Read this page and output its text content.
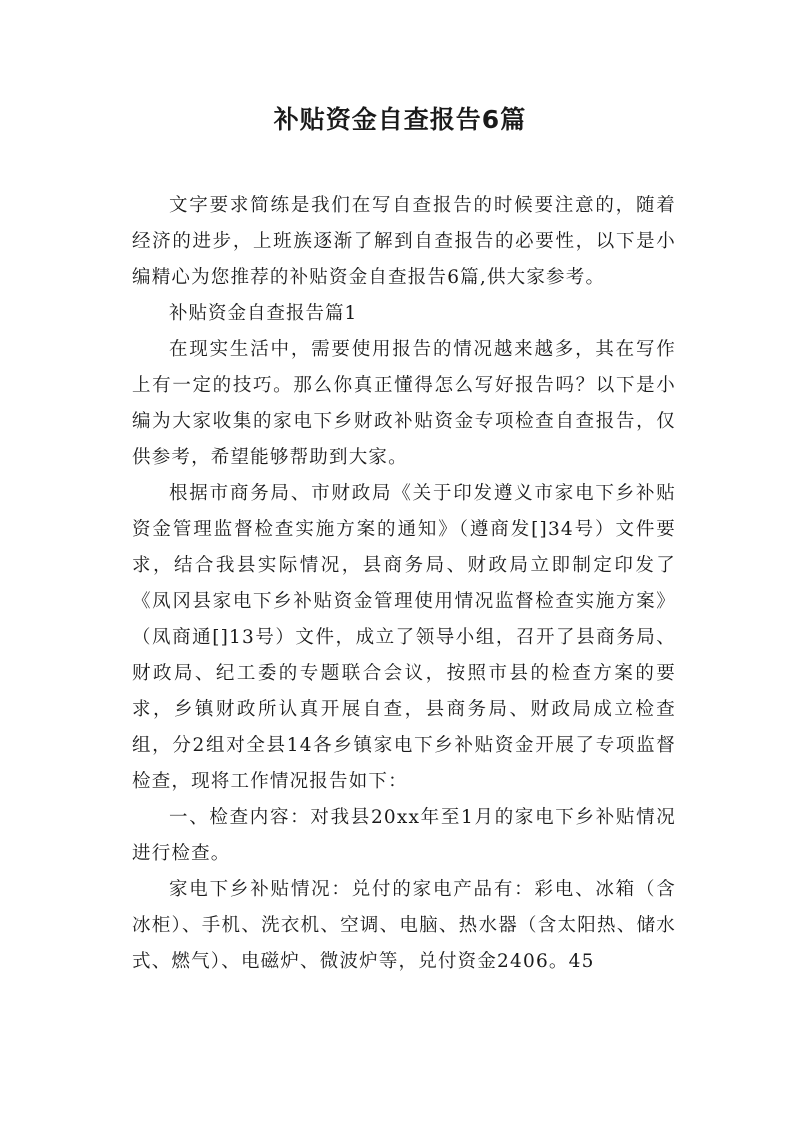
补贴资金自查报告6篇

文字要求简练是我们在写自查报告的时候要注意的，随着经济的进步，上班族逐渐了解到自查报告的必要性，以下是小编精心为您推荐的补贴资金自查报告6篇,供大家参考。

补贴资金自查报告篇1

在现实生活中，需要使用报告的情况越来越多，其在写作上有一定的技巧。那么你真正懂得怎么写好报告吗？以下是小编为大家收集的家电下乡财政补贴资金专项检查自查报告，仅供参考，希望能够帮助到大家。

根据市商务局、市财政局《关于印发遵义市家电下乡补贴资金管理监督检查实施方案的通知》（遵商发[]34号）文件要求，结合我县实际情况，县商务局、财政局立即制定印发了《凤冈县家电下乡补贴资金管理使用情况监督检查实施方案》（凤商通[]13号）文件，成立了领导小组，召开了县商务局、财政局、纪工委的专题联合会议，按照市县的检查方案的要求，乡镇财政所认真开展自查，县商务局、财政局成立检查组，分2组对全县14各乡镇家电下乡补贴资金开展了专项监督检查，现将工作情况报告如下：

一、检查内容：对我县20xx年至1月的家电下乡补贴情况进行检查。

家电下乡补贴情况：兑付的家电产品有：彩电、冰箱（含冰柜）、手机、洗衣机、空调、电脑、热水器（含太阳热、储水式、燃气）、电磁炉、微波炉等，兑付资金2406。45
